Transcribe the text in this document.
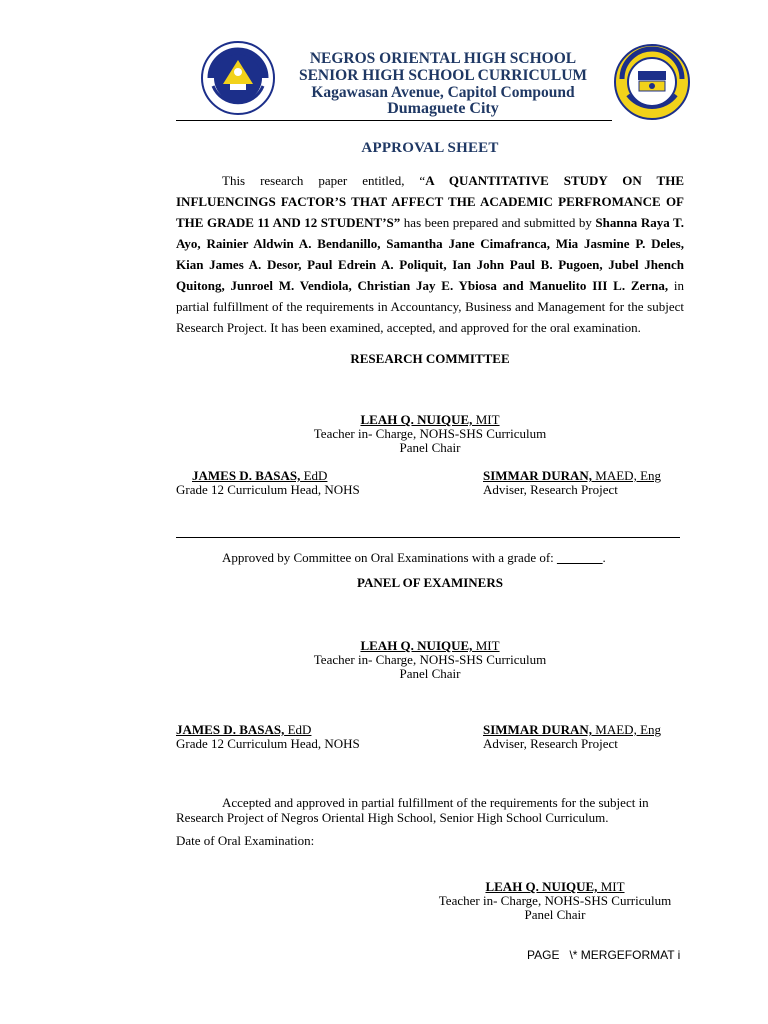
NEGROS ORIENTAL HIGH SCHOOL
SENIOR HIGH SCHOOL CURRICULUM
Kagawasan Avenue, Capitol Compound
Dumaguete City
APPROVAL SHEET
This research paper entitled, “A QUANTITATIVE STUDY ON THE INFLUENCINGS FACTOR’S THAT AFFECT THE ACADEMIC PERFROMANCE OF THE GRADE 11 AND 12 STUDENT’S” has been prepared and submitted by Shanna Raya T. Ayo, Rainier Aldwin A. Bendanillo, Samantha Jane Cimafranca, Mia Jasmine P. Deles, Kian James A. Desor, Paul Edrein A. Poliquit, Ian John Paul B. Pugoen, Jubel Jhench Quitong, Junroel M. Vendiola, Christian Jay E. Ybiosa and Manuelito III L. Zerna, in partial fulfillment of the requirements in Accountancy, Business and Management for the subject Research Project. It has been examined, accepted, and approved for the oral examination.
RESEARCH COMMITTEE
LEAH Q. NUIQUE, MIT
Teacher in- Charge, NOHS-SHS Curriculum
Panel Chair
JAMES D. BASAS, EdD
Grade 12 Curriculum Head, NOHS
SIMMAR DURAN, MAED, Eng
Adviser, Research Project
Approved by Committee on Oral Examinations with a grade of: _______.
PANEL OF EXAMINERS
LEAH Q. NUIQUE, MIT
Teacher in- Charge, NOHS-SHS Curriculum
Panel Chair
JAMES D. BASAS, EdD
Grade 12 Curriculum Head, NOHS
SIMMAR DURAN, MAED, Eng
Adviser, Research Project
Accepted and approved in partial fulfillment of the requirements for the subject in Research Project of Negros Oriental High School, Senior High School Curriculum.
Date of Oral Examination:
LEAH Q. NUIQUE, MIT
Teacher in- Charge, NOHS-SHS Curriculum
Panel Chair
PAGE   \* MERGEFORMAT i
